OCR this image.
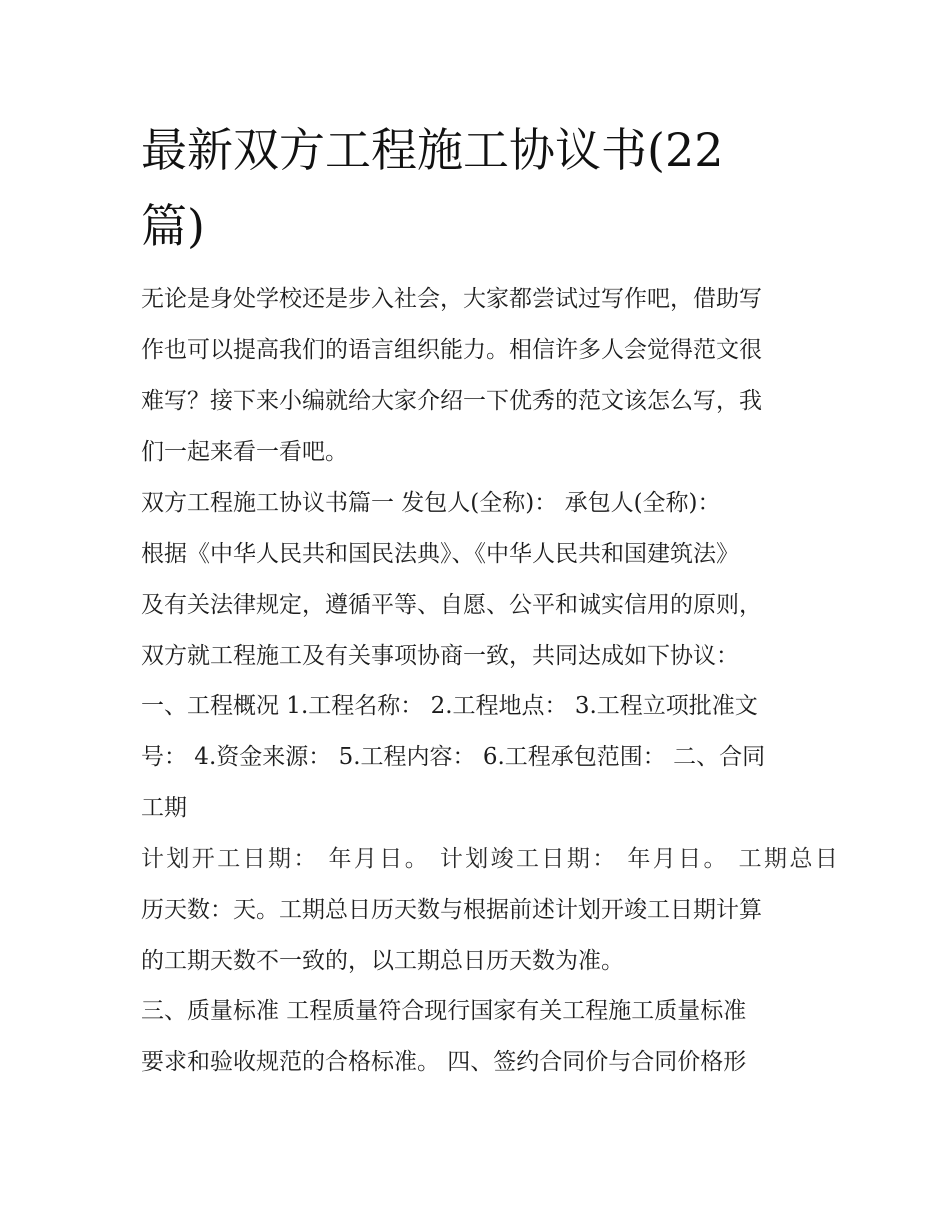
最新双方工程施工协议书(22篇)

无论是身处学校还是步入社会，大家都尝试过写作吧，借助写

作也可以提高我们的语言组织能力。相信许多人会觉得范文很

难写？接下来小编就给大家介绍一下优秀的范文该怎么写，我

们一起来看一看吧。

双方工程施工协议书篇一 发包人(全称)： 承包人(全称)：

根据《中华人民共和国民法典》、《中华人民共和国建筑法》

及有关法律规定，遵循平等、自愿、公平和诚实信用的原则，

双方就工程施工及有关事项协商一致，共同达成如下协议：

一、工程概况 1.工程名称： 2.工程地点： 3.工程立项批准文

号： 4.资金来源： 5.工程内容： 6.工程承包范围： 二、合同

工期

计划开工日期： 年月日。 计划竣工日期： 年月日。 工期总日

历天数：天。工期总日历天数与根据前述计划开竣工日期计算

的工期天数不一致的，以工期总日历天数为准。

三、质量标准 工程质量符合现行国家有关工程施工质量标准

要求和验收规范的合格标准。 四、签约合同价与合同价格形
